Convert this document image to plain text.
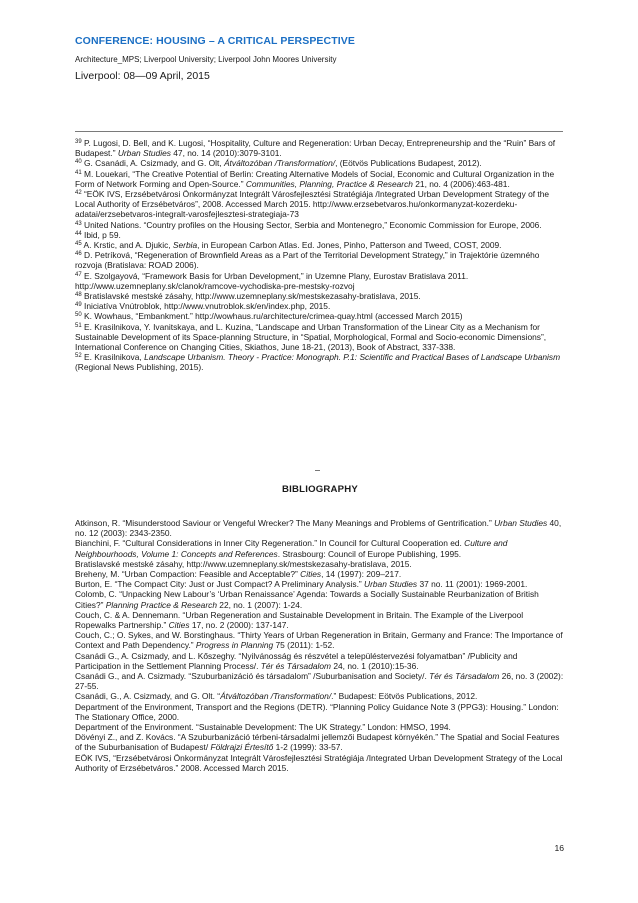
CONFERENCE: HOUSING – A CRITICAL PERSPECTIVE
Architecture_MPS; Liverpool University; Liverpool John Moores University
Liverpool: 08—09 April, 2015
$^{39}$ P. Lugosi, D. Bell, and K. Lugosi, “Hospitality, Culture and Regeneration: Urban Decay, Entrepreneurship and the “Ruin” Bars of Budapest.” Urban Studies 47, no. 14 (2010):3079-3101.
$^{40}$ G. Csanádi, A. Csizmady, and G. Olt, Átváltozóban /Transformation/, (Eötvös Publications Budapest, 2012).
$^{41}$ M. Louekari, “The Creative Potential of Berlin: Creating Alternative Models of Social, Economic and Cultural Organization in the Form of Network Forming and Open-Source.” Communities, Planning, Practice & Research 21, no. 4 (2006):463-481.
$^{42}$ “EÖK IVS, Erzsébetvárosi Önkormányzat Integrált Városfejlesztési Stratégiája /Integrated Urban Development Strategy of the Local Authority of Erzsébetváros”, 2008. Accessed March 2015. http://www.erzsebetvaros.hu/onkormanyzat-kozerdeku-adatai/erzsebetvaros-integralt-varosfejlesztesi-strategiaja-73
$^{43}$ United Nations. “Country profiles on the Housing Sector, Serbia and Montenegro,” Economic Commission for Europe, 2006.
$^{44}$ Ibid, p 59.
$^{45}$ A. Krstic, and A. Djukic, Serbia, in European Carbon Atlas. Ed. Jones, Pinho, Patterson and Tweed, COST, 2009.
$^{46}$ D. Petríková, “Regeneration of Brownfield Areas as a Part of the Territorial Development Strategy,” in Trajektórie územného rozvoja (Bratislava: ROAD 2006).
$^{47}$ E. Szolgayová, “Framework Basis for Urban Development,” in Uzemne Plany, Eurostav Bratislava 2011. http://www.uzemneplany.sk/clanok/ramcove-vychodiska-pre-mestsky-rozvoj
$^{48}$ Bratislavské mestské zásahy, http://www.uzemneplany.sk/mestskezasahy-bratislava, 2015.
$^{49}$ Iniciatíva Vnútroblok, http://www.vnutroblok.sk/en/index.php, 2015.
$^{50}$ K. Wowhaus, “Embankment.” http://wowhaus.ru/architecture/crimea-quay.html (accessed March 2015)
$^{51}$ E. Krasilnikova, Y. Ivanitskaya, and L. Kuzina, “Landscape and Urban Transformation of the Linear City as a Mechanism for Sustainable Development of its Space-planning Structure, in “Spatial, Morphological, Formal and Socio-economic Dimensions”, International Conference on Changing Cities, Skiathos, June 18-21, (2013), Book of Abstract, 337-338.
$^{52}$ E. Krasilnikova, Landscape Urbanism. Theory - Practice: Monograph. P.1: Scientific and Practical Bases of Landscape Urbanism (Regional News Publishing, 2015).
BIBLIOGRAPHY
Atkinson, R. “Misunderstood Saviour or Vengeful Wrecker? The Many Meanings and Problems of Gentrification.” Urban Studies 40, no. 12 (2003): 2343-2350.
Bianchini, F. “Cultural Considerations in Inner City Regeneration.” In Council for Cultural Cooperation ed. Culture and Neighbourhoods, Volume 1: Concepts and References. Strasbourg: Council of Europe Publishing, 1995.
Bratislavské mestské zásahy, http://www.uzemneplany.sk/mestskezasahy-bratislava, 2015.
Breheny, M. “Urban Compaction: Feasible and Acceptable?” Cities, 14 (1997): 209–217.
Burton, E. “The Compact City: Just or Just Compact? A Preliminary Analysis.” Urban Studies 37 no. 11 (2001): 1969-2001.
Colomb, C. “Unpacking New Labour’s ‘Urban Renaissance’ Agenda: Towards a Socially Sustainable Reurbanization of British Cities?” Planning Practice & Research 22, no. 1 (2007): 1-24.
Couch, C. & A. Dennemann. “Urban Regeneration and Sustainable Development in Britain. The Example of the Liverpool Ropewalks Partnership.” Cities 17, no. 2 (2000): 137-147.
Couch, C.; O. Sykes, and W. Borstinghaus. “Thirty Years of Urban Regeneration in Britain, Germany and France: The Importance of Context and Path Dependency.” Progress in Planning 75 (2011): 1-52.
Csanádi G., A. Csizmady, and L. Kőszeghy. “Nyilvánosság és részvétel a településtervezési folyamatban” /Publicity and Participation in the Settlement Planning Process/. Tér és Társadalom 24, no. 1 (2010):15-36.
Csanádi G., and A. Csizmady. “Szuburbanizáció és társadalom” /Suburbanisation and Society/. Tér és Társadalom 26, no. 3 (2002): 27-55.
Csanádi, G., A. Csizmady, and G. Olt. “Átváltozóban /Transformation/.” Budapest: Eötvös Publications, 2012.
Department of the Environment, Transport and the Regions (DETR). “Planning Policy Guidance Note 3 (PPG3): Housing.” London: The Stationary Office, 2000.
Department of the Environment. “Sustainable Development: The UK Strategy.” London: HMSO, 1994.
Dövényi Z., and Z. Kovács. “A Szuburbanizáció térbeni-társadalmi jellemzői Budapest környékén.” The Spatial and Social Features of the Suburbanisation of Budapest/ Földrajzi Értesítő 1-2 (1999): 33-57.
EÖK IVS, “Erzsébetvárosi Önkormányzat Integrált Városfejlesztési Stratégiája /Integrated Urban Development Strategy of the Local Authority of Erzsébetváros.” 2008. Accessed March 2015.
16
